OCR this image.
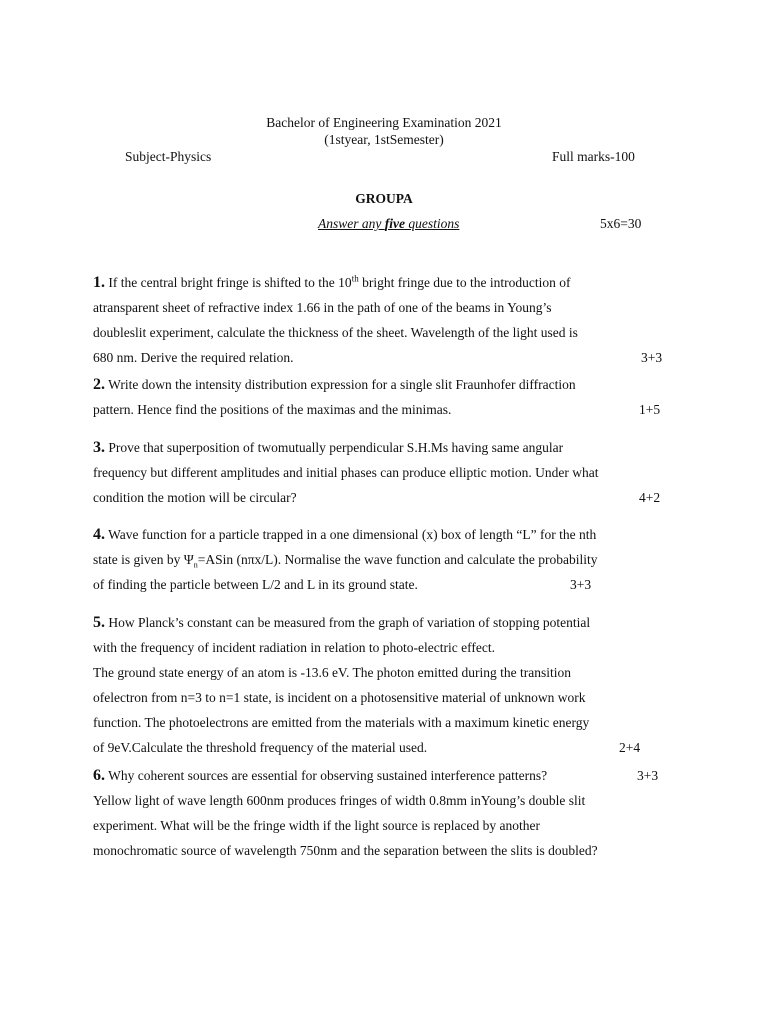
Bachelor of Engineering Examination 2021
(1styear, 1stSemester)
Subject-Physics	Full marks-100
GROUPA
Answer any five questions	5x6=30
1. If the central bright fringe is shifted to the 10th bright fringe due to the introduction of
atransparent sheet of refractive index 1.66 in the path of one of the beams in Young’s
doubleslit experiment, calculate the thickness of the sheet. Wavelength of the light used is
680 nm. Derive the required relation.	3+3
2. Write down the intensity distribution expression for a single slit Fraunhofer diffraction
pattern. Hence find the positions of the maximas and the minimas.	1+5
3. Prove that superposition of twomutually perpendicular S.H.Ms having same angular
frequency but different amplitudes and initial phases can produce elliptic motion. Under what
condition the motion will be circular?	4+2
4. Wave function for a particle trapped in a one dimensional (x) box of length “L” for the nth
state is given by $\Psi_n=ASin$ (nπx/L). Normalise the wave function and calculate the probability
of finding the particle between L/2 and L in its ground state.	3+3
5. How Planck’s constant can be measured from the graph of variation of stopping potential
with the frequency of incident radiation in relation to photo-electric effect.
The ground state energy of an atom is -13.6 eV. The photon emitted during the transition
ofelectron from n=3 to n=1 state, is incident on a photosensitive material of unknown work
function. The photoelectrons are emitted from the materials with a maximum kinetic energy
of 9eV.Calculate the threshold frequency of the material used.	2+4
6. Why coherent sources are essential for observing sustained interference patterns?	3+3
Yellow light of wave length 600nm produces fringes of width 0.8mm inYoung’s double slit
experiment. What will be the fringe width if the light source is replaced by another
monochromatic source of wavelength 750nm and the separation between the slits is doubled?
